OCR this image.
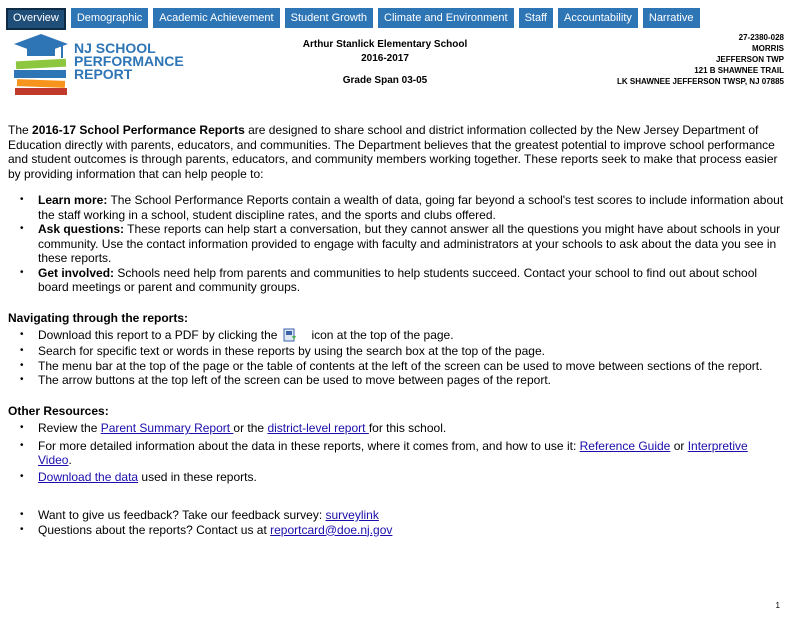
Overview	Demographic	Academic Achievement	Student Growth	Climate and Environment	Staff	Accountability	Narrative
NJ SCHOOL
PERFORMANCE
REPORT
Arthur Stanlick Elementary School
2016-2017
Grade Span 03-05
27-2380-028
MORRIS
JEFFERSON TWP
121 B SHAWNEE TRAIL
LK SHAWNEE JEFFERSON TWSP, NJ 07885

The 2016-17 School Performance Reports are designed to share school and district information collected by the New Jersey Department of Education directly with parents, educators, and communities. The Department believes that the greatest potential to improve school performance and student outcomes is through parents, educators, and community members working together. These reports seek to make that process easier by providing information that can help people to:

• Learn more: The School Performance Reports contain a wealth of data, going far beyond a school's test scores to include information about the staff working in a school, student discipline rates, and the sports and clubs offered.
• Ask questions: These reports can help start a conversation, but they cannot answer all the questions you might have about schools in your community. Use the contact information provided to engage with faculty and administrators at your schools to ask about the data you see in these reports.
• Get involved: Schools need help from parents and communities to help students succeed. Contact your school to find out about school board meetings or parent and community groups.
Navigating through the reports:
• Download this report to a PDF by clicking the	icon at the top of the page.
• Search for specific text or words in these reports by using the search box at the top of the page.
• The menu bar at the top of the page or the table of contents at the left of the screen can be used to move between sections of the report.
• The arrow buttons at the top left of the screen can be used to move between pages of the report.
Other Resources:
• Review the Parent Summary Report or the district-level report for this school.
• For more detailed information about the data in these reports, where it comes from, and how to use it: Reference Guide or Interpretive Video.
• Download the data used in these reports.
• Want to give us feedback? Take our feedback survey: surveylink
• Questions about the reports? Contact us at reportcard@doe.nj.gov
1
